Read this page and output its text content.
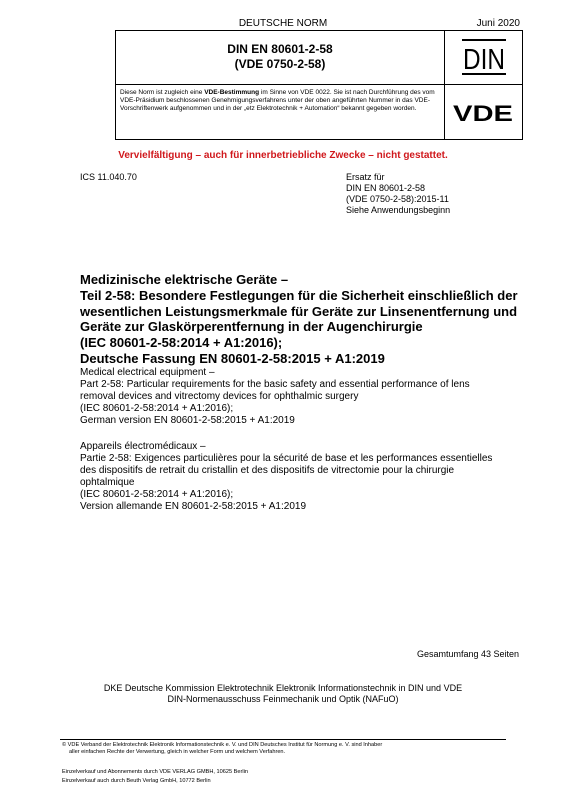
DEUTSCHE NORM	Juni 2020
DIN EN 80601-2-58
(VDE 0750-2-58)	DIN
Diese Norm ist zugleich eine VDE-Bestimmung im Sinne von VDE 0022. Sie ist nach Durchführung des vom VDE-Präsidium beschlossenen Genehmigungsverfahrens unter der oben angeführten Nummer in das VDE-Vorschriftenwerk aufgenommen und in der „etz Elektrotechnik + Automation“ bekannt gegeben worden.	VDE
Vervielfältigung – auch für innerbetriebliche Zwecke – nicht gestattet.
ICS 11.040.70	Ersatz für
DIN EN 80601-2-58
(VDE 0750-2-58):2015-11
Siehe Anwendungsbeginn
Medizinische elektrische Geräte –
Teil 2-58: Besondere Festlegungen für die Sicherheit einschließlich der
wesentlichen Leistungsmerkmale für Geräte zur Linsenentfernung und
Geräte zur Glaskörperentfernung in der Augenchirurgie
(IEC 80601-2-58:2014 + A1:2016);
Deutsche Fassung EN 80601-2-58:2015 + A1:2019
Medical electrical equipment –
Part 2-58: Particular requirements for the basic safety and essential performance of lens
removal devices and vitrectomy devices for ophthalmic surgery
(IEC 80601-2-58:2014 + A1:2016);
German version EN 80601-2-58:2015 + A1:2019
Appareils électromédicaux –
Partie 2-58: Exigences particulières pour la sécurité de base et les performances essentielles
des dispositifs de retrait du cristallin et des dispositifs de vitrectomie pour la chirurgie
ophtalmique
(IEC 80601-2-58:2014 + A1:2016);
Version allemande EN 80601-2-58:2015 + A1:2019
Gesamtumfang 43 Seiten
DKE Deutsche Kommission Elektrotechnik Elektronik Informationstechnik in DIN und VDE
DIN-Normenausschuss Feinmechanik und Optik (NAFuO)
© VDE Verband der Elektrotechnik Elektronik Informationstechnik e. V. und DIN Deutsches Institut für Normung e. V. sind Inhaber
aller einfachen Rechte der Verwertung, gleich in welcher Form und welchem Verfahren.
Einzelverkauf und Abonnements durch VDE VERLAG GMBH, 10625 Berlin
Einzelverkauf auch durch Beuth Verlag GmbH, 10772 Berlin
